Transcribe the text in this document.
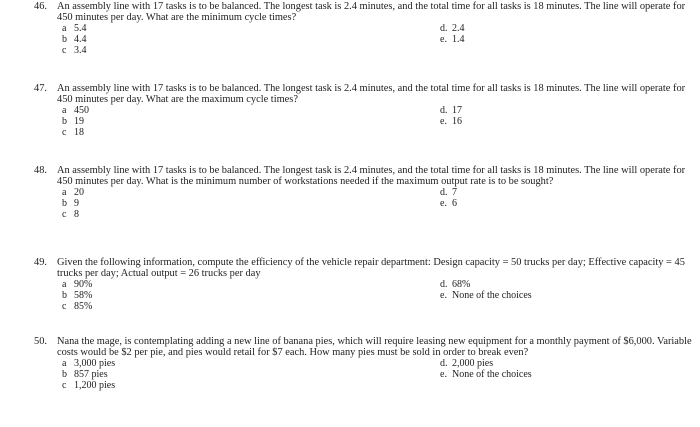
46. An assembly line with 17 tasks is to be balanced. The longest task is 2.4 minutes, and the total time for all tasks is 18 minutes. The line will operate for 450 minutes per day. What are the minimum cycle times?

a 5.4
b 4.4
c 3.4
d. 2.4
e. 1.4

47. An assembly line with 17 tasks is to be balanced. The longest task is 2.4 minutes, and the total time for all tasks is 18 minutes. The line will operate for 450 minutes per day. What are the maximum cycle times?

a 450
b 19
c 18
d. 17
e. 16

48. An assembly line with 17 tasks is to be balanced. The longest task is 2.4 minutes, and the total time for all tasks is 18 minutes. The line will operate for 450 minutes per day. What is the minimum number of workstations needed if the maximum output rate is to be sought?

a 20
b 9
c 8
d. 7
e. 6

49. Given the following information, compute the efficiency of the vehicle repair department: Design capacity = 50 trucks per day; Effective capacity = 45 trucks per day; Actual output = 26 trucks per day

a 90%
b 58%
c 85%
d. 68%
e. None of the choices

50. Nana the mage, is contemplating adding a new line of banana pies, which will require leasing new equipment for a monthly payment of $6,000. Variable costs would be $2 per pie, and pies would retail for $7 each. How many pies must be sold in order to break even?

a 3,000 pies
b 857 pies
c 1,200 pies
d. 2,000 pies
e. None of the choices
